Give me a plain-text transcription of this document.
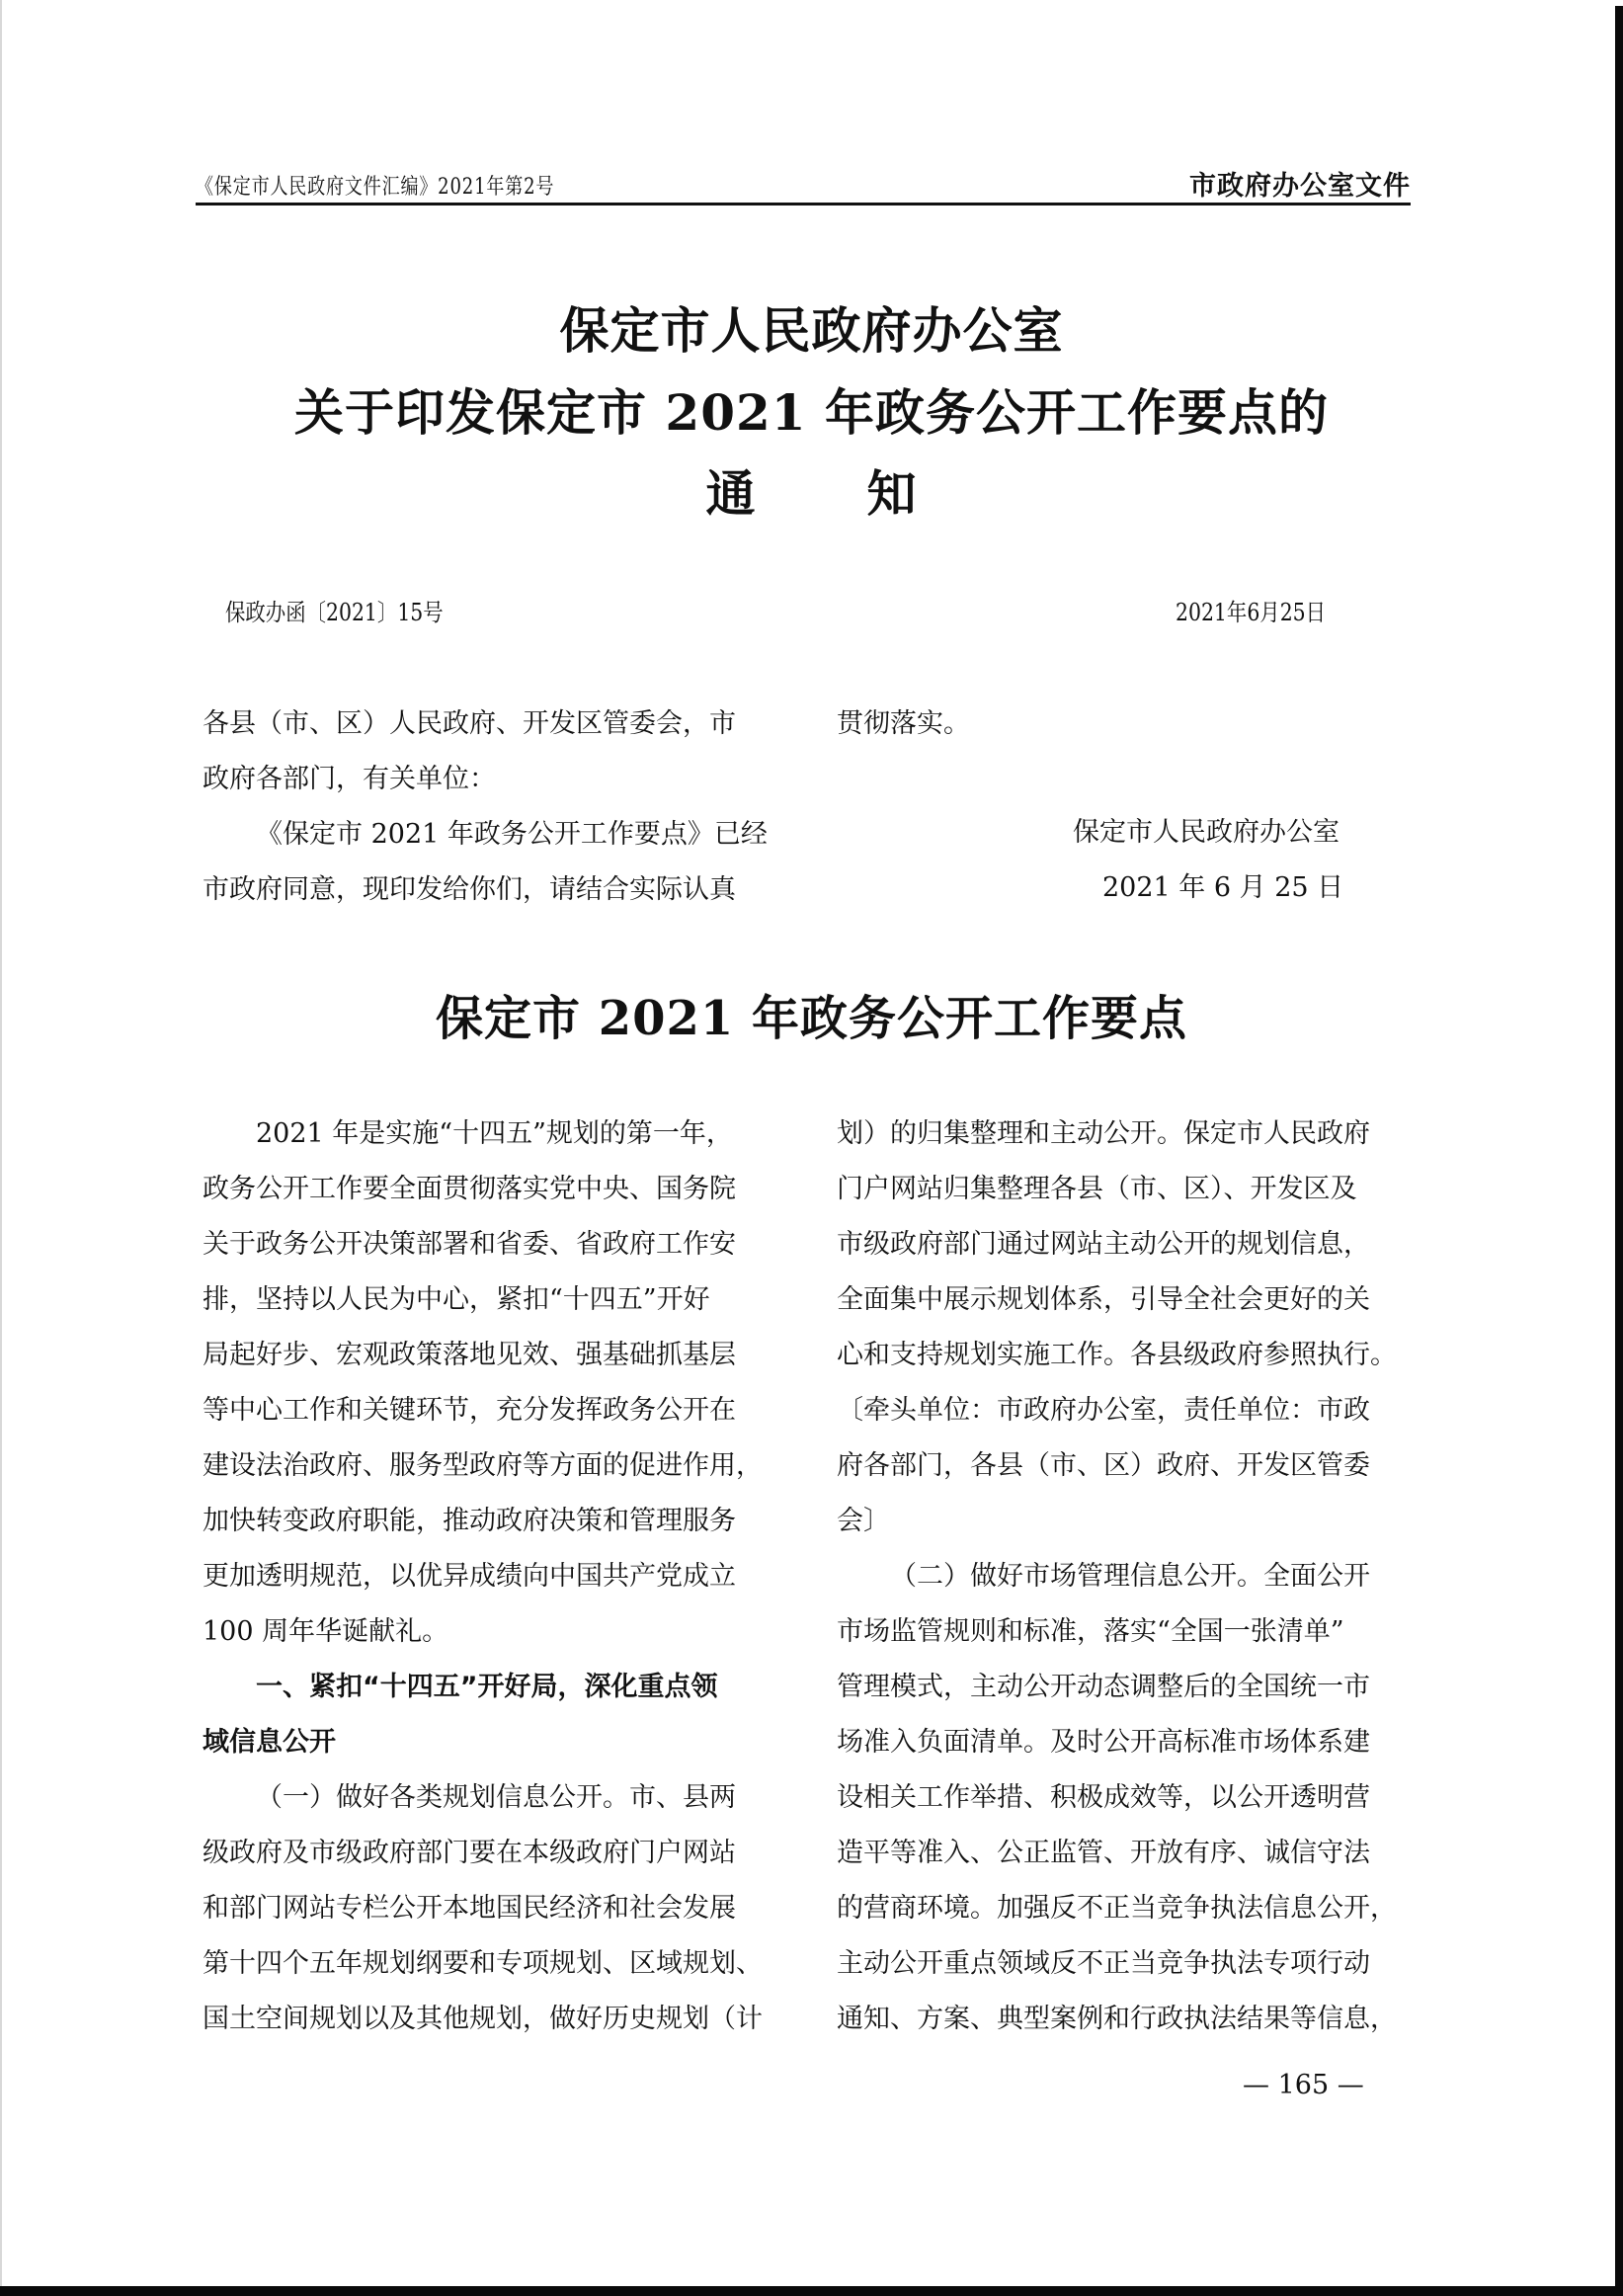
《保定市人民政府文件汇编》2021年第2号	市政府办公室文件
保定市人民政府办公室
关于印发保定市 2021 年政务公开工作要点的
通 知
保政办函〔2021〕15号	2021年6月25日

各县（市、区）人民政府、开发区管委会，市

政府各部门，有关单位：

《保定市 2021 年政务公开工作要点》已经

市政府同意，现印发给你们，请结合实际认真

贯彻落实。

保定市人民政府办公室
2021 年 6 月 25 日
保定市 2021 年政务公开工作要点

2021 年是实施“十四五”规划的第一年，

政务公开工作要全面贯彻落实党中央、国务院

关于政务公开决策部署和省委、省政府工作安

排，坚持以人民为中心，紧扣“十四五”开好

局起好步、宏观政策落地见效、强基础抓基层

等中心工作和关键环节，充分发挥政务公开在

建设法治政府、服务型政府等方面的促进作用，

加快转变政府职能，推动政府决策和管理服务

更加透明规范，以优异成绩向中国共产党成立

100 周年华诞献礼。

一、紧扣“十四五”开好局，深化重点领

域信息公开

（一）做好各类规划信息公开。市、县两

级政府及市级政府部门要在本级政府门户网站

和部门网站专栏公开本地国民经济和社会发展

第十四个五年规划纲要和专项规划、区域规划、

国土空间规划以及其他规划，做好历史规划（计

划）的归集整理和主动公开。保定市人民政府

门户网站归集整理各县（市、区）、开发区及

市级政府部门通过网站主动公开的规划信息，

全面集中展示规划体系，引导全社会更好的关

心和支持规划实施工作。各县级政府参照执行。

〔牵头单位：市政府办公室，责任单位：市政

府各部门，各县（市、区）政府、开发区管委

会〕

（二）做好市场管理信息公开。全面公开

市场监管规则和标准，落实“全国一张清单”

管理模式，主动公开动态调整后的全国统一市

场准入负面清单。及时公开高标准市场体系建

设相关工作举措、积极成效等，以公开透明营

造平等准入、公正监管、开放有序、诚信守法

的营商环境。加强反不正当竞争执法信息公开，

主动公开重点领域反不正当竞争执法专项行动

通知、方案、典型案例和行政执法结果等信息，

— 165 —
